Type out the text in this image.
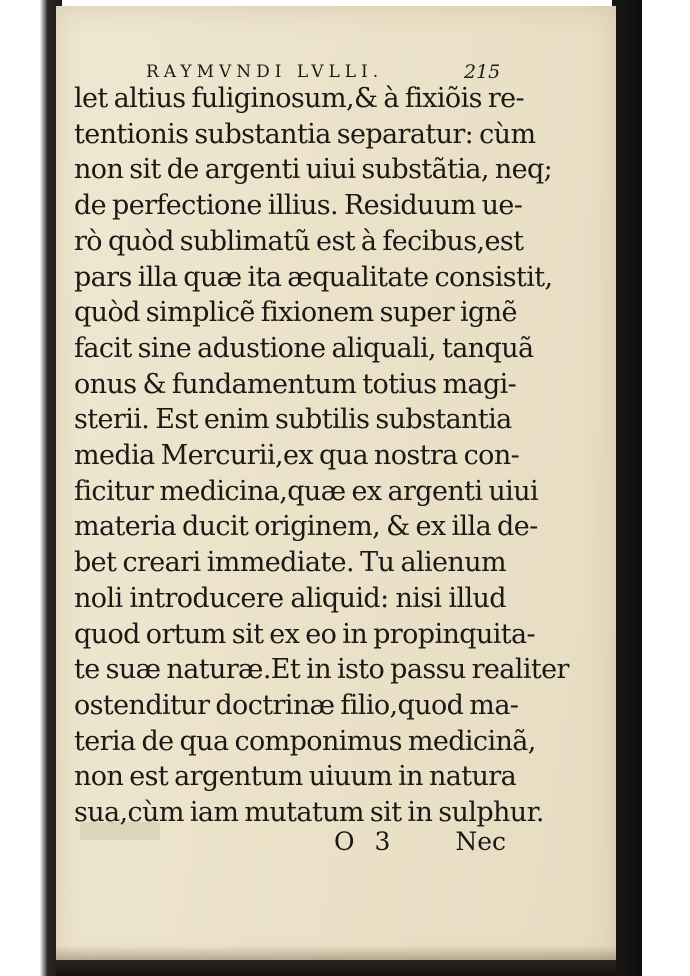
RAYMVNDI LVLLI.	215
let altius fuliginosum,& à fixiõis re-
tentionis substantia separatur: cùm
non sit de argenti uiui substãtia, neq;
de perfectione illius. Residuum ue-
rò quòd sublimatũ est à fecibus,est
pars illa quæ ita æqualitate consistit,
quòd simplicẽ fixionem super ignẽ
facit sine adustione aliquali, tanquã
onus & fundamentum totius magi-
sterii. Est enim subtilis substantia
media Mercurii,ex qua nostra con-
ficitur medicina,quæ ex argenti uiui
materia ducit originem, & ex illa de-
bet creari immediate. Tu alienum
noli introducere aliquid: nisi illud
quod ortum sit ex eo in propinquita-
te suæ naturæ.Et in isto passu realiter
ostenditur doctrinæ filio,quod ma-
teria de qua componimus medicinã,
non est argentum uiuum in natura
sua,cùm iam mutatum sit in sulphur.
O 3 Nec
